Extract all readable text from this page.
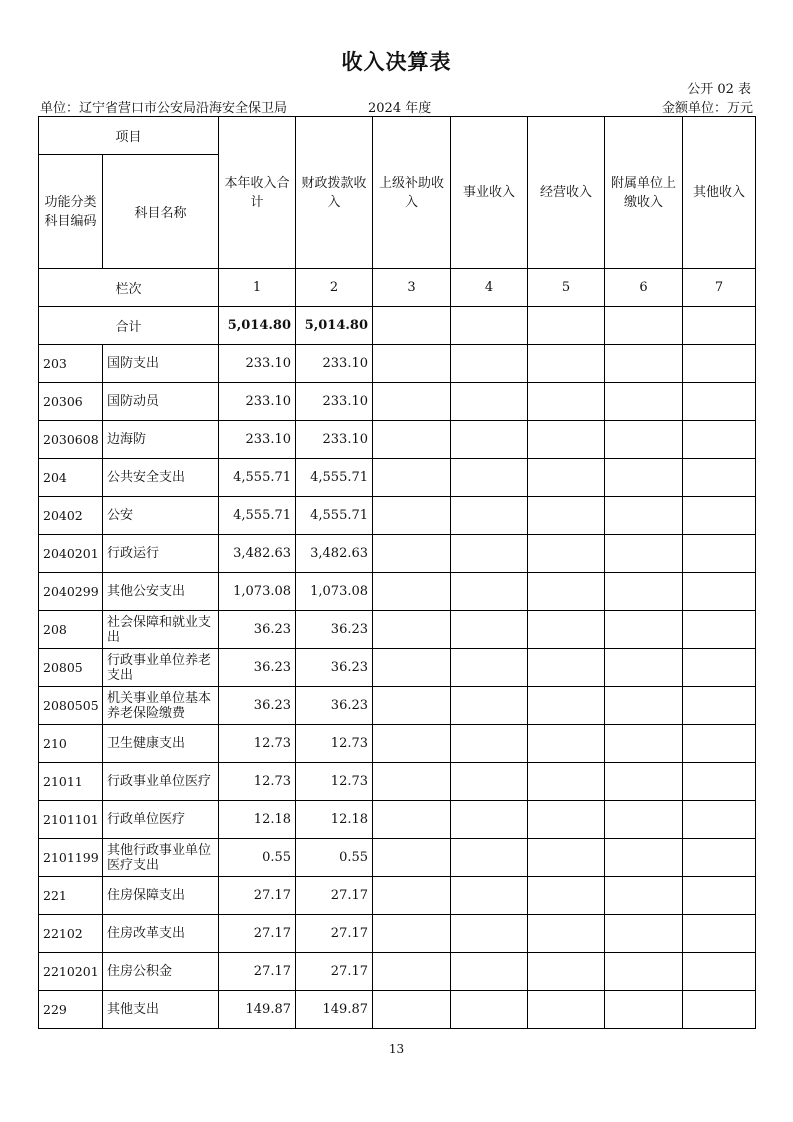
收入决算表
公开 02 表
单位：辽宁省营口市公安局沿海安全保卫局	2024 年度	金额单位：万元
项目		本年收入合计	财政拨款收入	上级补助收入	事业收入	经营收入	附属单位上缴收入	其他收入
功能分类科目编码	科目名称							
栏次		1	2	3	4	5	6	7
合计		5,014.80	5,014.80					
203	国防支出	233.10	233.10					
20306	国防动员	233.10	233.10					
2030608	边海防	233.10	233.10					
204	公共安全支出	4,555.71	4,555.71					
20402	公安	4,555.71	4,555.71					
2040201	行政运行	3,482.63	3,482.63					
2040299	其他公安支出	1,073.08	1,073.08					
208	社会保障和就业支出	36.23	36.23					
20805	行政事业单位养老支出	36.23	36.23					
2080505	机关事业单位基本养老保险缴费	36.23	36.23					
210	卫生健康支出	12.73	12.73					
21011	行政事业单位医疗	12.73	12.73					
2101101	行政单位医疗	12.18	12.18					
2101199	其他行政事业单位医疗支出	0.55	0.55					
221	住房保障支出	27.17	27.17					
22102	住房改革支出	27.17	27.17					
2210201	住房公积金	27.17	27.17					
229	其他支出	149.87	149.87					
13
